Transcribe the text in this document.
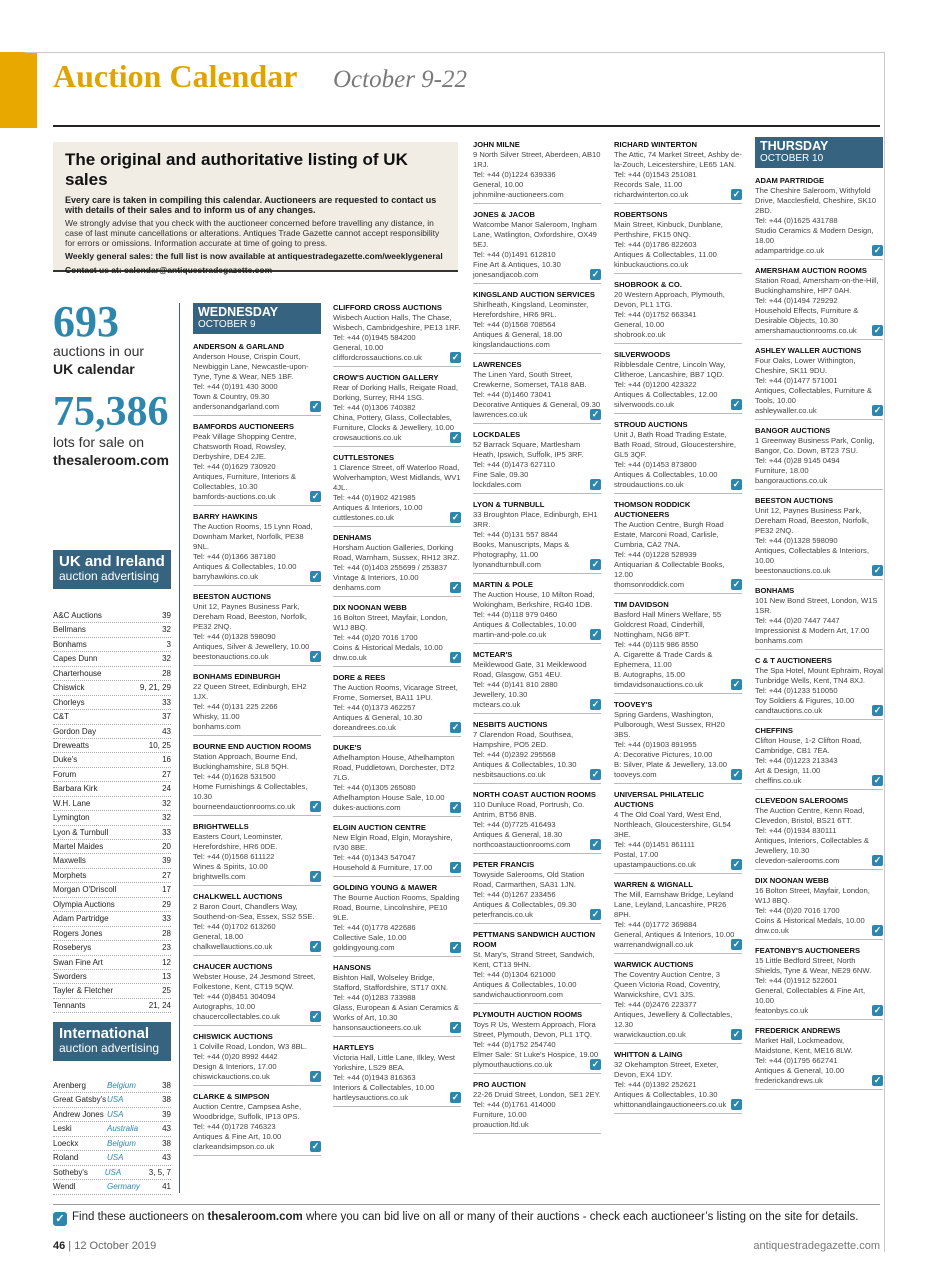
Auction Calendar October 9-22
The original and authoritative listing of UK sales

Every care is taken in compiling this calendar. Auctioneers are requested to contact us with details of their sales and to inform us of any changes.

We strongly advise that you check with the auctioneer concerned before travelling any distance, in case of last minute cancellations or alterations. Antiques Trade Gazette cannot accept responsibility for errors or omissions. Information accurate at time of going to press.

Weekly general sales: the full list is now available at antiquestradegazette.com/weeklygeneral

Contact us at: calendar@antiquestradegazette.com

693
auctions in our
UK calendar
75,386
lots for sale on
thesaleroom.com
UK and Ireland
auction advertising
A&C Auctions	39
Bellmans	32
Bonhams	3
Capes Dunn	32
Charterhouse	28
Chiswick	9, 21, 29
Chorleys	33
C&T	37
Gordon Day	43
Dreweatts	10, 25
Duke's	16
Forum	27
Barbara Kirk	24
W.H. Lane	32
Lymington	32
Lyon & Turnbull	33
Martel Maides	20
Maxwells	39
Morphets	27
Morgan O'Driscoll	17
Olympia Auctions	29
Adam Partridge	33
Rogers Jones	28
Roseberys	23
Swan Fine Art	12
Sworders	13
Tayler & Fletcher	25
Tennants	21, 24
International
auction advertising
Arenberg	Belgium	38
Great Gatsby's USA	38
Andrew Jones USA	39
Leski	Australia	43
Loeckx	Belgium	38
Roland	USA	43
Sotheby's	USA	3, 5, 7
Wendl	Germany	41
WEDNESDAY
OCTOBER 9
ANDERSON & GARLAND
Anderson House, Crispin Court, Newbiggin Lane, Newcastle-upon-Tyne, Tyne & Wear, NE5 1BF.
Tel: +44 (0)191 430 3000
Town & Country, 09.30
andersonandgarland.com	✓
BAMFORDS AUCTIONEERS
Peak Village Shopping Centre, Chatsworth Road, Rowsley, Derbyshire, DE4 2JE.
Tel: +44 (0)1629 730920
Antiques, Furniture, Interiors & Collectables, 10.30
bamfords-auctions.co.uk	✓
BARRY HAWKINS
The Auction Rooms, 15 Lynn Road, Downham Market, Norfolk, PE38 9NL.
Tel: +44 (0)1366 387180
Antiques & Collectables, 10.00
barryhawkins.co.uk	✓
BEESTON AUCTIONS
Unit 12, Paynes Business Park, Dereham Road, Beeston, Norfolk, PE32 2NQ.
Tel: +44 (0)1328 598090
Antiques, Silver & Jewellery, 10.00
beestonauctions.co.uk	✓
BONHAMS EDINBURGH
22 Queen Street, Edinburgh, EH2 1JX.
Tel: +44 (0)131 225 2266
Whisky, 11.00
bonhams.com
BOURNE END AUCTION ROOMS
Station Approach, Bourne End, Buckinghamshire, SL8 5QH.
Tel: +44 (0)1628 531500
Home Furnishings & Collectables, 10.30
bourneendauctionrooms.co.uk	✓
BRIGHTWELLS
Easters Court, Leominster, Herefordshire, HR6 0DE.
Tel: +44 (0)1568 611122
Wines & Spirits, 10.00
brightwells.com	✓
CHALKWELL AUCTIONS
2 Baron Court, Chandlers Way, Southend-on-Sea, Essex, SS2 5SE.
Tel: +44 (0)1702 613260
General, 18.00
chalkwellauctions.co.uk	✓
CHAUCER AUCTIONS
Webster House, 24 Jesmond Street, Folkestone, Kent, CT19 5QW.
Tel: +44 (0)8451 304094
Autographs, 10.00
chaucercollectables.co.uk	✓
CHISWICK AUCTIONS
1 Colville Road, London, W3 8BL.
Tel: +44 (0)20 8992 4442
Design & Interiors, 17.00
chiswickauctions.co.uk	✓
CLARKE & SIMPSON
Auction Centre, Campsea Ashe, Woodbridge, Suffolk, IP13 0PS.
Tel: +44 (0)1728 746323
Antiques & Fine Art, 10.00
clarkeandsimpson.co.uk	✓
CLIFFORD CROSS AUCTIONS
Wisbech Auction Halls, The Chase, Wisbech, Cambridgeshire, PE13 1RF.
Tel: +44 (0)1945 584200
General, 10.00
cliffordcrossauctions.co.uk	✓
CROW'S AUCTION GALLERY
Rear of Dorking Halls, Reigate Road, Dorking, Surrey, RH4 1SG.
Tel: +44 (0)1306 740382
China, Pottery, Glass, Collectables, Furniture, Clocks & Jewellery, 10.00
crowsauctions.co.uk	✓
CUTTLESTONES
1 Clarence Street, off Waterloo Road, Wolverhampton, West Midlands, WV1 4JL.
Tel: +44 (0)1902 421985
Antiques & Interiors, 10.00
cuttlestones.co.uk	✓
DENHAMS
Horsham Auction Galleries, Dorking Road, Warnham, Sussex, RH12 3RZ.
Tel: +44 (0)1403 255699 / 253837
Vintage & Interiors, 10.00
denhams.com	✓
DIX NOONAN WEBB
16 Bolton Street, Mayfair, London, W1J 8BQ.
Tel: +44 (0)20 7016 1700
Coins & Historical Medals, 10.00
dnw.co.uk	✓
DORE & REES
The Auction Rooms, Vicarage Street, Frome, Somerset, BA11 1PU.
Tel: +44 (0)1373 462257
Antiques & General, 10.30
doreandrees.co.uk	✓
DUKE'S
Athelhampton House, Athelhampton Road, Puddletown, Dorchester, DT2 7LG.
Tel: +44 (0)1305 265080
Athelhampton House Sale, 10.00
dukes-auctions.com	✓
ELGIN AUCTION CENTRE
New Elgin Road, Elgin, Morayshire, IV30 8BE.
Tel: +44 (0)1343 547047
Household & Furniture, 17.00	✓
GOLDING YOUNG & MAWER
The Bourne Auction Rooms, Spalding Road, Bourne, Lincolnshire, PE10 9LE.
Tel: +44 (0)1778 422686
Collective Sale, 10.00
goldingyoung.com	✓
HANSONS
Bishton Hall, Wolseley Bridge, Stafford, Staffordshire, ST17 0XN.
Tel: +44 (0)1283 733988
Glass, European & Asian Ceramics & Works of Art, 10.30
hansonsauctioneers.co.uk	✓
HARTLEYS
Victoria Hall, Little Lane, Ilkley, West Yorkshire, LS29 8EA.
Tel: +44 (0)1943 816363
Interiors & Collectables, 10.00
hartleysauctions.co.uk	✓
JOHN MILNE
9 North Silver Street, Aberdeen, AB10 1RJ.
Tel: +44 (0)1224 639336
General, 10.00
johnmilne-auctioneers.com
JONES & JACOB
Watcombe Manor Saleroom, Ingham Lane, Watlington, Oxfordshire, OX49 5EJ.
Tel: +44 (0)1491 612810
Fine Art & Antiques, 10.30
jonesandjacob.com	✓
KINGSLAND AUCTION SERVICES
Shirlheath, Kingsland, Leominster, Herefordshire, HR6 9RL.
Tel: +44 (0)1568 708564
Antiques & General, 18.00
kingslandauctions.com
LAWRENCES
The Linen Yard, South Street, Crewkerne, Somerset, TA18 8AB.
Tel: +44 (0)1460 73041
Decorative Antiques & General, 09.30
lawrences.co.uk	✓
LOCKDALES
52 Barrack Square, Martlesham Heath, Ipswich, Suffolk, IP5 3RF.
Tel: +44 (0)1473 627110
Fine Sale, 09.30
lockdales.com	✓
LYON & TURNBULL
33 Broughton Place, Edinburgh, EH1 3RR.
Tel: +44 (0)131 557 8844
Books, Manuscripts, Maps & Photography, 11.00
lyonandturnbull.com	✓
MARTIN & POLE
The Auction House, 10 Milton Road, Wokingham, Berkshire, RG40 1DB.
Tel: +44 (0)118 979 0460
Antiques & Collectables, 10.00
martin-and-pole.co.uk	✓
MCTEAR'S
Meiklewood Gate, 31 Meiklewood Road, Glasgow, G51 4EU.
Tel: +44 (0)141 810 2880
Jewellery, 10.30
mctears.co.uk	✓
NESBITS AUCTIONS
7 Clarendon Road, Southsea, Hampshire, PO5 2ED.
Tel: +44 (0)2392 295568
Antiques & Collectables, 10.30
nesbitsauctions.co.uk	✓
NORTH COAST AUCTION ROOMS
110 Dunluce Road, Portrush, Co. Antrim, BT56 8NB.
Tel: +44 (0)7725 416493
Antiques & General, 18.30
northcoastauctionrooms.com	✓
PETER FRANCIS
Towyside Salerooms, Old Station Road, Carmarthen, SA31 1JN.
Tel: +44 (0)1267 233456
Antiques & Collectables, 09.30
peterfrancis.co.uk	✓
PETTMANS SANDWICH AUCTION ROOM
St. Mary's, Strand Street, Sandwich, Kent, CT13 9HN.
Tel: +44 (0)1304 621000
Antiques & Collectables, 10.00
sandwichauctionroom.com
PLYMOUTH AUCTION ROOMS
Toys R Us, Western Approach, Flora Street, Plymouth, Devon, PL1 1TQ.
Tel: +44 (0)1752 254740
Elmer Sale: St Luke's Hospice, 19.00
plymouthauctions.co.uk	✓
PRO AUCTION
22-26 Druid Street, London, SE1 2EY.
Tel: +44 (0)1761 414000
Furniture, 10.00
proauction.ltd.uk
RICHARD WINTERTON
The Attic, 74 Market Street, Ashby de-la-Zouch, Leicestershire, LE65 1AN.
Tel: +44 (0)1543 251081
Records Sale, 11.00
richardwinterton.co.uk	✓
ROBERTSONS
Main Street, Kinbuck, Dunblane, Perthshire, FK15 0NQ.
Tel: +44 (0)1786 822603
Antiques & Collectables, 11.00
kinbuckauctions.co.uk
SHOBROOK & CO.
20 Western Approach, Plymouth, Devon, PL1 1TG.
Tel: +44 (0)1752 663341
General, 10.00
shobrook.co.uk
SILVERWOODS
Ribblesdale Centre, Lincoln Way, Clitheroe, Lancashire, BB7 1QD.
Tel: +44 (0)1200 423322
Antiques & Collectables, 12.00
silverwoods.co.uk	✓
STROUD AUCTIONS
Unit J, Bath Road Trading Estate, Bath Road, Stroud, Gloucestershire, GL5 3QF.
Tel: +44 (0)1453 873800
Antiques & Collectables, 10.00
stroudauctions.co.uk	✓
THOMSON RODDICK AUCTIONEERS
The Auction Centre, Burgh Road Estate, Marconi Road, Carlisle, Cumbria, CA2 7NA.
Tel: +44 (0)1228 528939
Antiquarian & Collectable Books, 12.00
thomsonroddick.com	✓
TIM DAVIDSON
Basford Hall Miners Welfare, 55 Goldcrest Road, Cinderhill, Nottingham, NG6 8PT.
Tel: +44 (0)115 986 8550
A. Cigarette & Trade Cards & Ephemera, 11.00
B. Autographs, 15.00
timdavidsonauctions.co.uk	✓
TOOVEY'S
Spring Gardens, Washington, Pulborough, West Sussex, RH20 3BS.
Tel: +44 (0)1903 891955
A: Decorative Pictures, 10.00
B: Silver, Plate & Jewellery, 13.00
tooveys.com	✓
UNIVERSAL PHILATELIC AUCTIONS
4 The Old Coal Yard, West End, Northleach, Gloucestershire, GL54 3HE.
Tel: +44 (0)1451 861111
Postal, 17.00
upastampauctions.co.uk	✓
WARREN & WIGNALL
The Mill, Earnshaw Bridge, Leyland Lane, Leyland, Lancashire, PR26 8PH.
Tel: +44 (0)1772 369884
General, Antiques & Interiors, 10.00
warrenandwignall.co.uk	✓
WARWICK AUCTIONS
The Coventry Auction Centre, 3 Queen Victoria Road, Coventry, Warwickshire, CV1 3JS.
Tel: +44 (0)2476 223377
Antiques, Jewellery & Collectables, 12.30
warwickauction.co.uk	✓
WHITTON & LAING
32 Okehampton Street, Exeter, Devon, EX4 1DY.
Tel: +44 (0)1392 252621
Antiques & Collectables, 10.30
whittonandlaingauctioneers.co.uk ✓
THURSDAY
OCTOBER 10
ADAM PARTRIDGE
The Cheshire Saleroom, Withyfold Drive, Macclesfield, Cheshire, SK10 2BD.
Tel: +44 (0)1625 431788
Studio Ceramics & Modern Design, 18.00
adampartridge.co.uk	✓
AMERSHAM AUCTION ROOMS
Station Road, Amersham-on-the-Hill, Buckinghamshire, HP7 0AH.
Tel: +44 (0)1494 729292
Household Effects, Furniture & Desirable Objects, 10.30
amershamauctionrooms.co.uk	✓
ASHLEY WALLER AUCTIONS
Four Oaks, Lower Withington, Cheshire, SK11 9DU.
Tel: +44 (0)1477 571001
Antiques, Collectables, Furniture & Tools, 10.00
ashleywaller.co.uk	✓
BANGOR AUCTIONS
1 Greenway Business Park, Conlig, Bangor, Co. Down, BT23 7SU.
Tel: +44 (0)28 9145 0494
Furniture, 18.00
bangorauctions.co.uk
BEESTON AUCTIONS
Unit 12, Paynes Business Park, Dereham Road, Beeston, Norfolk, PE32 2NQ.
Tel: +44 (0)1328 598090
Antiques, Collectables & Interiors, 10.00
beestonauctions.co.uk	✓
BONHAMS
101 New Bond Street, London, W1S 1SR.
Tel: +44 (0)20 7447 7447
Impressionist & Modern Art, 17.00
bonhams.com
C & T AUCTIONEERS
The Spa Hotel, Mount Ephraim, Royal Tunbridge Wells, Kent, TN4 8XJ.
Tel: +44 (0)1233 510050
Toy Soldiers & Figures, 10.00
candtauctions.co.uk	✓
CHEFFINS
Clifton House, 1-2 Clifton Road, Cambridge, CB1 7EA.
Tel: +44 (0)1223 213343
Art & Design, 11.00
cheffins.co.uk	✓
CLEVEDON SALEROOMS
The Auction Centre, Kenn Road, Clevedon, Bristol, BS21 6TT.
Tel: +44 (0)1934 830111
Antiques, Interiors, Collectables & Jewellery, 10.30
clevedon-salerooms.com	✓
DIX NOONAN WEBB
16 Bolton Street, Mayfair, London, W1J 8BQ.
Tel: +44 (0)20 7016 1700
Coins & Historical Medals, 10.00
dnw.co.uk	✓
FEATONBY'S AUCTIONEERS
15 Little Bedford Street, North Shields, Tyne & Wear, NE29 6NW.
Tel: +44 (0)1912 522601
General, Collectables & Fine Art, 10.00
featonbys.co.uk	✓
FREDERICK ANDREWS
Market Hall, Lockmeadow, Maidstone, Kent, ME16 8LW.
Tel: +44 (0)1795 662741
Antiques & General, 10.00
frederickandrews.uk	✓
✓ Find these auctioneers on thesaleroom.com where you can bid live on all or many of their auctions - check each auctioneer’s listing on the site for details.
46 | 12 October 2019	antiquestradegazette.com
